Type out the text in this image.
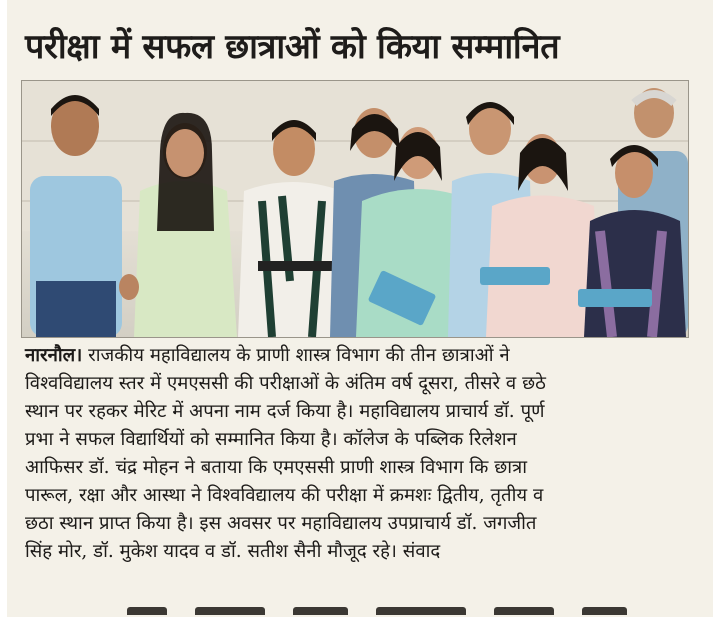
परीक्षा में सफल छात्राओं को किया सम्मानित

नारनौल। राजकीय महाविद्यालय के प्राणी शास्त्र विभाग की तीन छात्राओं ने

विश्वविद्यालय स्तर में एमएससी की परीक्षाओं के अंतिम वर्ष दूसरा, तीसरे व छठे

स्थान पर रहकर मेरिट में अपना नाम दर्ज किया है। महाविद्यालय प्राचार्य डॉ. पूर्ण

प्रभा ने सफल विद्यार्थियों को सम्मानित किया है। कॉलेज के पब्लिक रिलेशन

आफिसर डॉ. चंद्र मोहन ने बताया कि एमएससी प्राणी शास्त्र विभाग कि छात्रा

पारूल, रक्षा और आस्था ने विश्वविद्यालय की परीक्षा में क्रमशः द्वितीय, तृतीय व

छठा स्थान प्राप्त किया है। इस अवसर पर महाविद्यालय उपप्राचार्य डॉ. जगजीत

सिंह मोर, डॉ. मुकेश यादव व डॉ. सतीश सैनी मौजूद रहे। संवाद
